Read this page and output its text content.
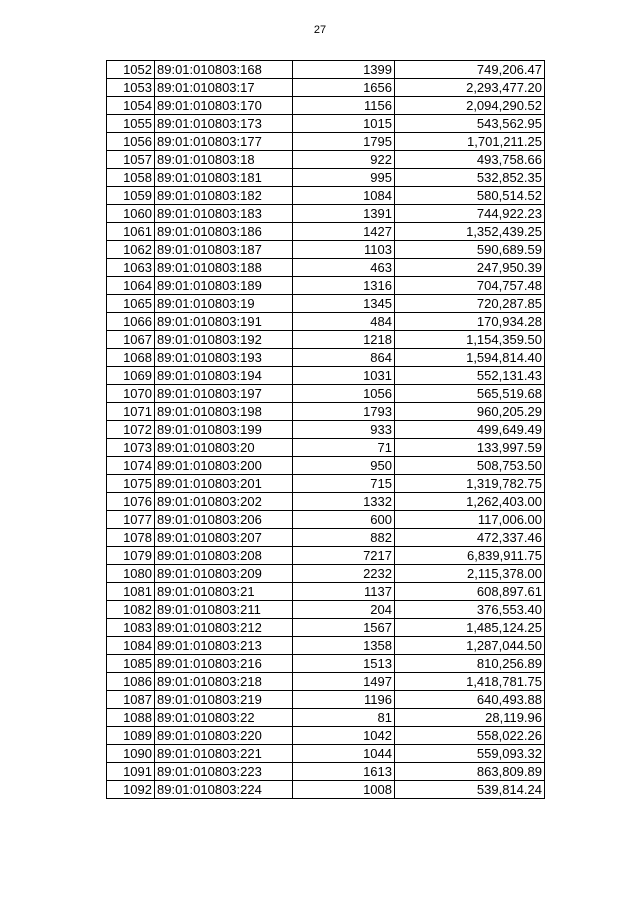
27
1052	89:01:010803:168	1399	749,206.47
1053	89:01:010803:17	1656	2,293,477.20
1054	89:01:010803:170	1156	2,094,290.52
1055	89:01:010803:173	1015	543,562.95
1056	89:01:010803:177	1795	1,701,211.25
1057	89:01:010803:18	922	493,758.66
1058	89:01:010803:181	995	532,852.35
1059	89:01:010803:182	1084	580,514.52
1060	89:01:010803:183	1391	744,922.23
1061	89:01:010803:186	1427	1,352,439.25
1062	89:01:010803:187	1103	590,689.59
1063	89:01:010803:188	463	247,950.39
1064	89:01:010803:189	1316	704,757.48
1065	89:01:010803:19	1345	720,287.85
1066	89:01:010803:191	484	170,934.28
1067	89:01:010803:192	1218	1,154,359.50
1068	89:01:010803:193	864	1,594,814.40
1069	89:01:010803:194	1031	552,131.43
1070	89:01:010803:197	1056	565,519.68
1071	89:01:010803:198	1793	960,205.29
1072	89:01:010803:199	933	499,649.49
1073	89:01:010803:20	71	133,997.59
1074	89:01:010803:200	950	508,753.50
1075	89:01:010803:201	715	1,319,782.75
1076	89:01:010803:202	1332	1,262,403.00
1077	89:01:010803:206	600	117,006.00
1078	89:01:010803:207	882	472,337.46
1079	89:01:010803:208	7217	6,839,911.75
1080	89:01:010803:209	2232	2,115,378.00
1081	89:01:010803:21	1137	608,897.61
1082	89:01:010803:211	204	376,553.40
1083	89:01:010803:212	1567	1,485,124.25
1084	89:01:010803:213	1358	1,287,044.50
1085	89:01:010803:216	1513	810,256.89
1086	89:01:010803:218	1497	1,418,781.75
1087	89:01:010803:219	1196	640,493.88
1088	89:01:010803:22	81	28,119.96
1089	89:01:010803:220	1042	558,022.26
1090	89:01:010803:221	1044	559,093.32
1091	89:01:010803:223	1613	863,809.89
1092	89:01:010803:224	1008	539,814.24
